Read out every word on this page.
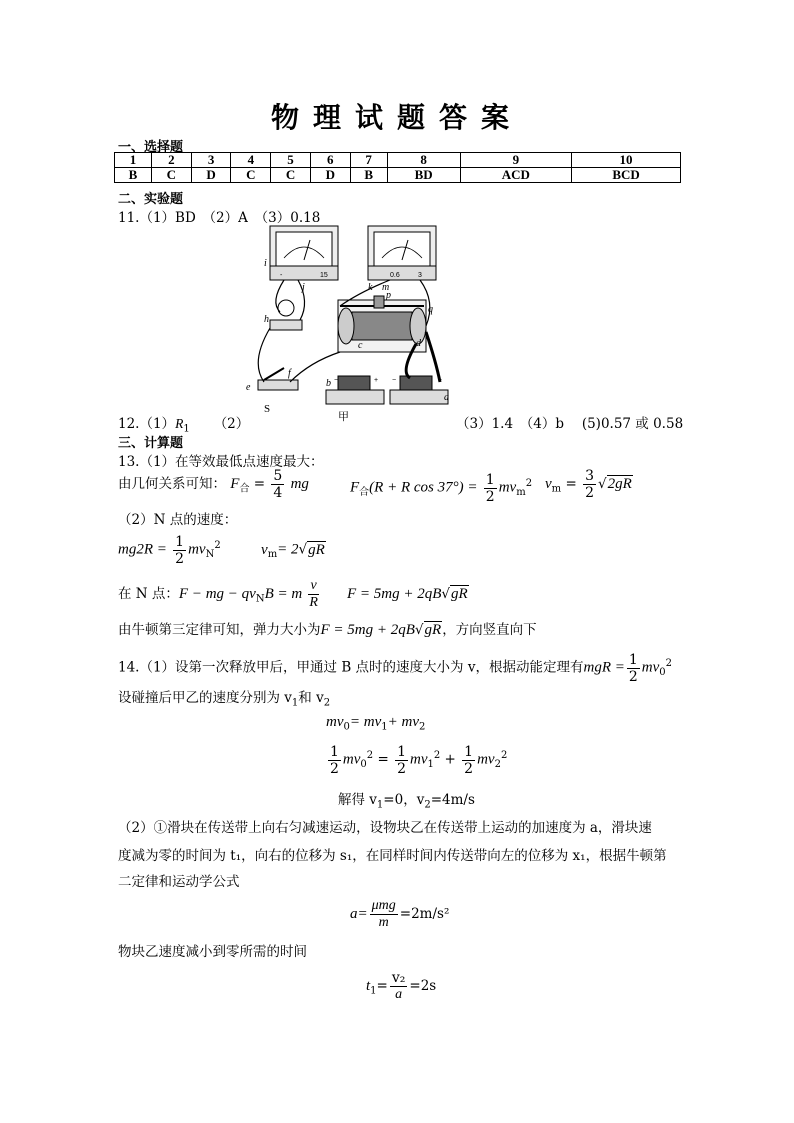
物理试题答案
一、选择题
1	2	3	4	5	6	7	8	9	10
B	C	D	C	C	D	B	BD	ACD	BCD
二、实验题
11.（1）BD　（2）A　（3）0.18
i
j	k m
p
q
h
c	d
e
f
b
a
-	15	0.6	3
−	+ −	+
S
甲
$12.(1)R_1$ （2）	（3）1.4　（4）b　 (5)0.57 或 0.58
三、计算题
13.（1）在等效最低点速度最大：
由几何关系可知： $F_合 = \frac{5}{4}$ mg	$F_合(R + R$ $\cos 37^\circ) = \frac{1}{2} mv_m^2$ $v_m = \frac{3}{2} √2gR$
（2）N 点的速度：
$mg2R = \frac{1}{2} mv_N^2$	$v_m= 2√gR$
在 N 点：F − mg − $qv_NB = m \frac{v}{R}$ F = 5mg + 2qB√gR
由牛顿第三定律可知，弹力大小为F = 5mg + 2qB√gR，方向竖直向下
14.（1）设第一次释放甲后，甲通过 B 点时的速度大小为 v，根据动能定理有mgR = $\frac{1}{2} mv_0^2$
设碰撞后甲乙的速度分别为 $v_1$和 $v_2$
$mv_0= mv_1+ mv_2$
$\frac{1}{2} mv_0^2 = \frac{1}{2} mv_1^2 + \frac{1}{2} mv_2^2$
解得 $v_1=0$，$v_2=4m/s$
（2）①滑块在传送带上向右匀减速运动，设物块乙在传送带上运动的加速度为 a，滑块速
度减为零的时间为 t₁，向右的位移为 s₁，在同样时间内传送带向左的位移为 x₁，根据牛顿第
二定律和运动学公式
$a= \frac{\text{μmg}}{m} =2m/s^2$
物块乙速度减小到零所需的时间
$t_1= \frac{\text{v₂}}{a} =2s$
